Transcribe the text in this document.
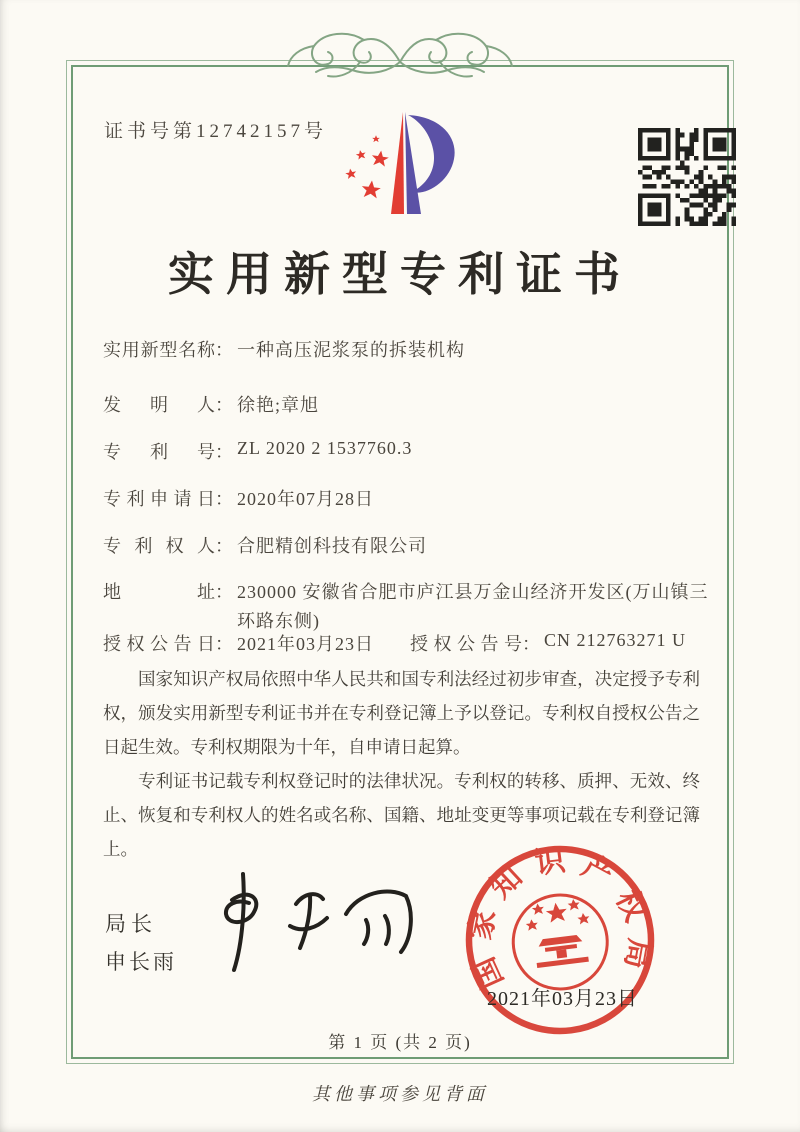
证书号第12742157号
实用新型专利证书
实用新型名称 ： 一种高压泥浆泵的拆装机构
发明人 ： 徐艳;章旭
专利号 ： ZL 2020 2 1537760.3
专利申请日 ： 2020年07月28日
专利权人 ： 合肥精创科技有限公司
地址 ： 230000 安徽省合肥市庐江县万金山经济开发区(万山镇三环路东侧)
授权公告日 ： 2021年03月23日 授权公告号 ： CN 212763271 U

国家知识产权局依照中华人民共和国专利法经过初步审查，决定授予专利权，颁发实用新型专利证书并在专利登记簿上予以登记。专利权自授权公告之日起生效。专利权期限为十年，自申请日起算。

专利证书记载专利权登记时的法律状况。专利权的转移、质押、无效、终止、恢复和专利权人的姓名或名称、国籍、地址变更等事项记载在专利登记簿上。

局长
申长雨	国家知识产权局
2021年03月23日
第 1 页 (共 2 页)
其他事项参见背面
